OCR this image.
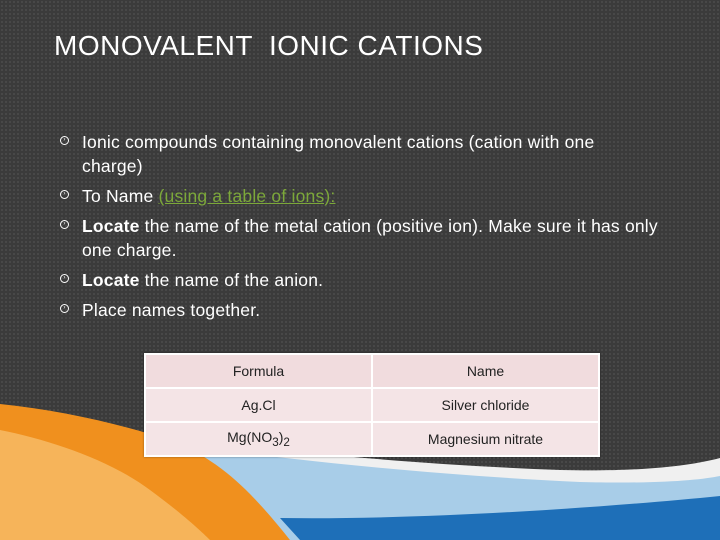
MONOVALENT  IONIC CATIONS
› Ionic compounds containing monovalent cations (cation with one charge)
› To Name (using a table of ions):
› Locate the name of the metal cation (positive ion). Make sure it has only one charge.
› Locate the name of the anion.
› Place names together.
Formula	Name
Ag.Cl	Silver chloride
$Mg(NO_3)_2$	Magnesium nitrate
